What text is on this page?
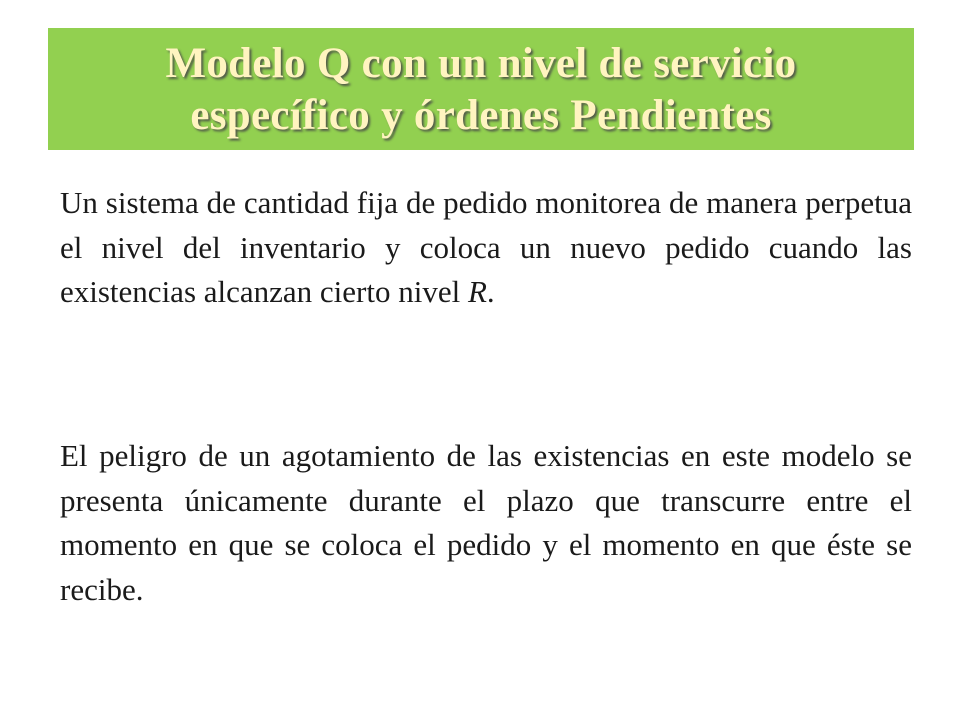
Modelo Q con un nivel de servicio
específico y órdenes Pendientes

Un sistema de cantidad fija de pedido monitorea de manera perpetua el nivel del inventario y coloca un nuevo pedido cuando las existencias alcanzan cierto nivel R.

El peligro de un agotamiento de las existencias en este modelo se presenta únicamente durante el plazo que transcurre entre el momento en que se coloca el pedido y el momento en que éste se recibe.
